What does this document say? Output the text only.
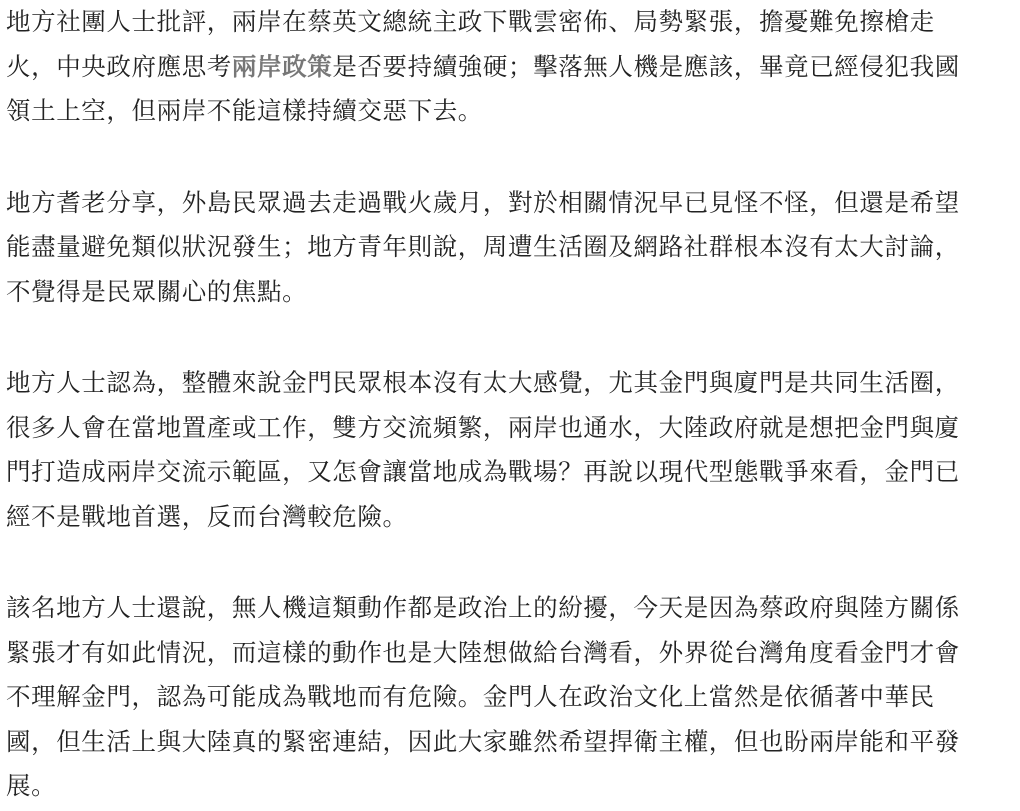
地方社團人士批評，兩岸在蔡英文總統主政下戰雲密佈、局勢緊張，擔憂難免擦槍走
火，中央政府應思考兩岸政策是否要持續強硬；擊落無人機是應該，畢竟已經侵犯我國
領土上空，但兩岸不能這樣持續交惡下去。

地方耆老分享，外島民眾過去走過戰火歲月，對於相關情況早已見怪不怪，但還是希望
能盡量避免類似狀況發生；地方青年則說，周遭生活圈及網路社群根本沒有太大討論，
不覺得是民眾關心的焦點。

地方人士認為，整體來說金門民眾根本沒有太大感覺，尤其金門與廈門是共同生活圈，
很多人會在當地置產或工作，雙方交流頻繁，兩岸也通水，大陸政府就是想把金門與廈
門打造成兩岸交流示範區，又怎會讓當地成為戰場？再說以現代型態戰爭來看，金門已
經不是戰地首選，反而台灣較危險。

該名地方人士還說，無人機這類動作都是政治上的紛擾，今天是因為蔡政府與陸方關係
緊張才有如此情況，而這樣的動作也是大陸想做給台灣看，外界從台灣角度看金門才會
不理解金門，認為可能成為戰地而有危險。金門人在政治文化上當然是依循著中華民
國，但生活上與大陸真的緊密連結，因此大家雖然希望捍衛主權，但也盼兩岸能和平發
展。
